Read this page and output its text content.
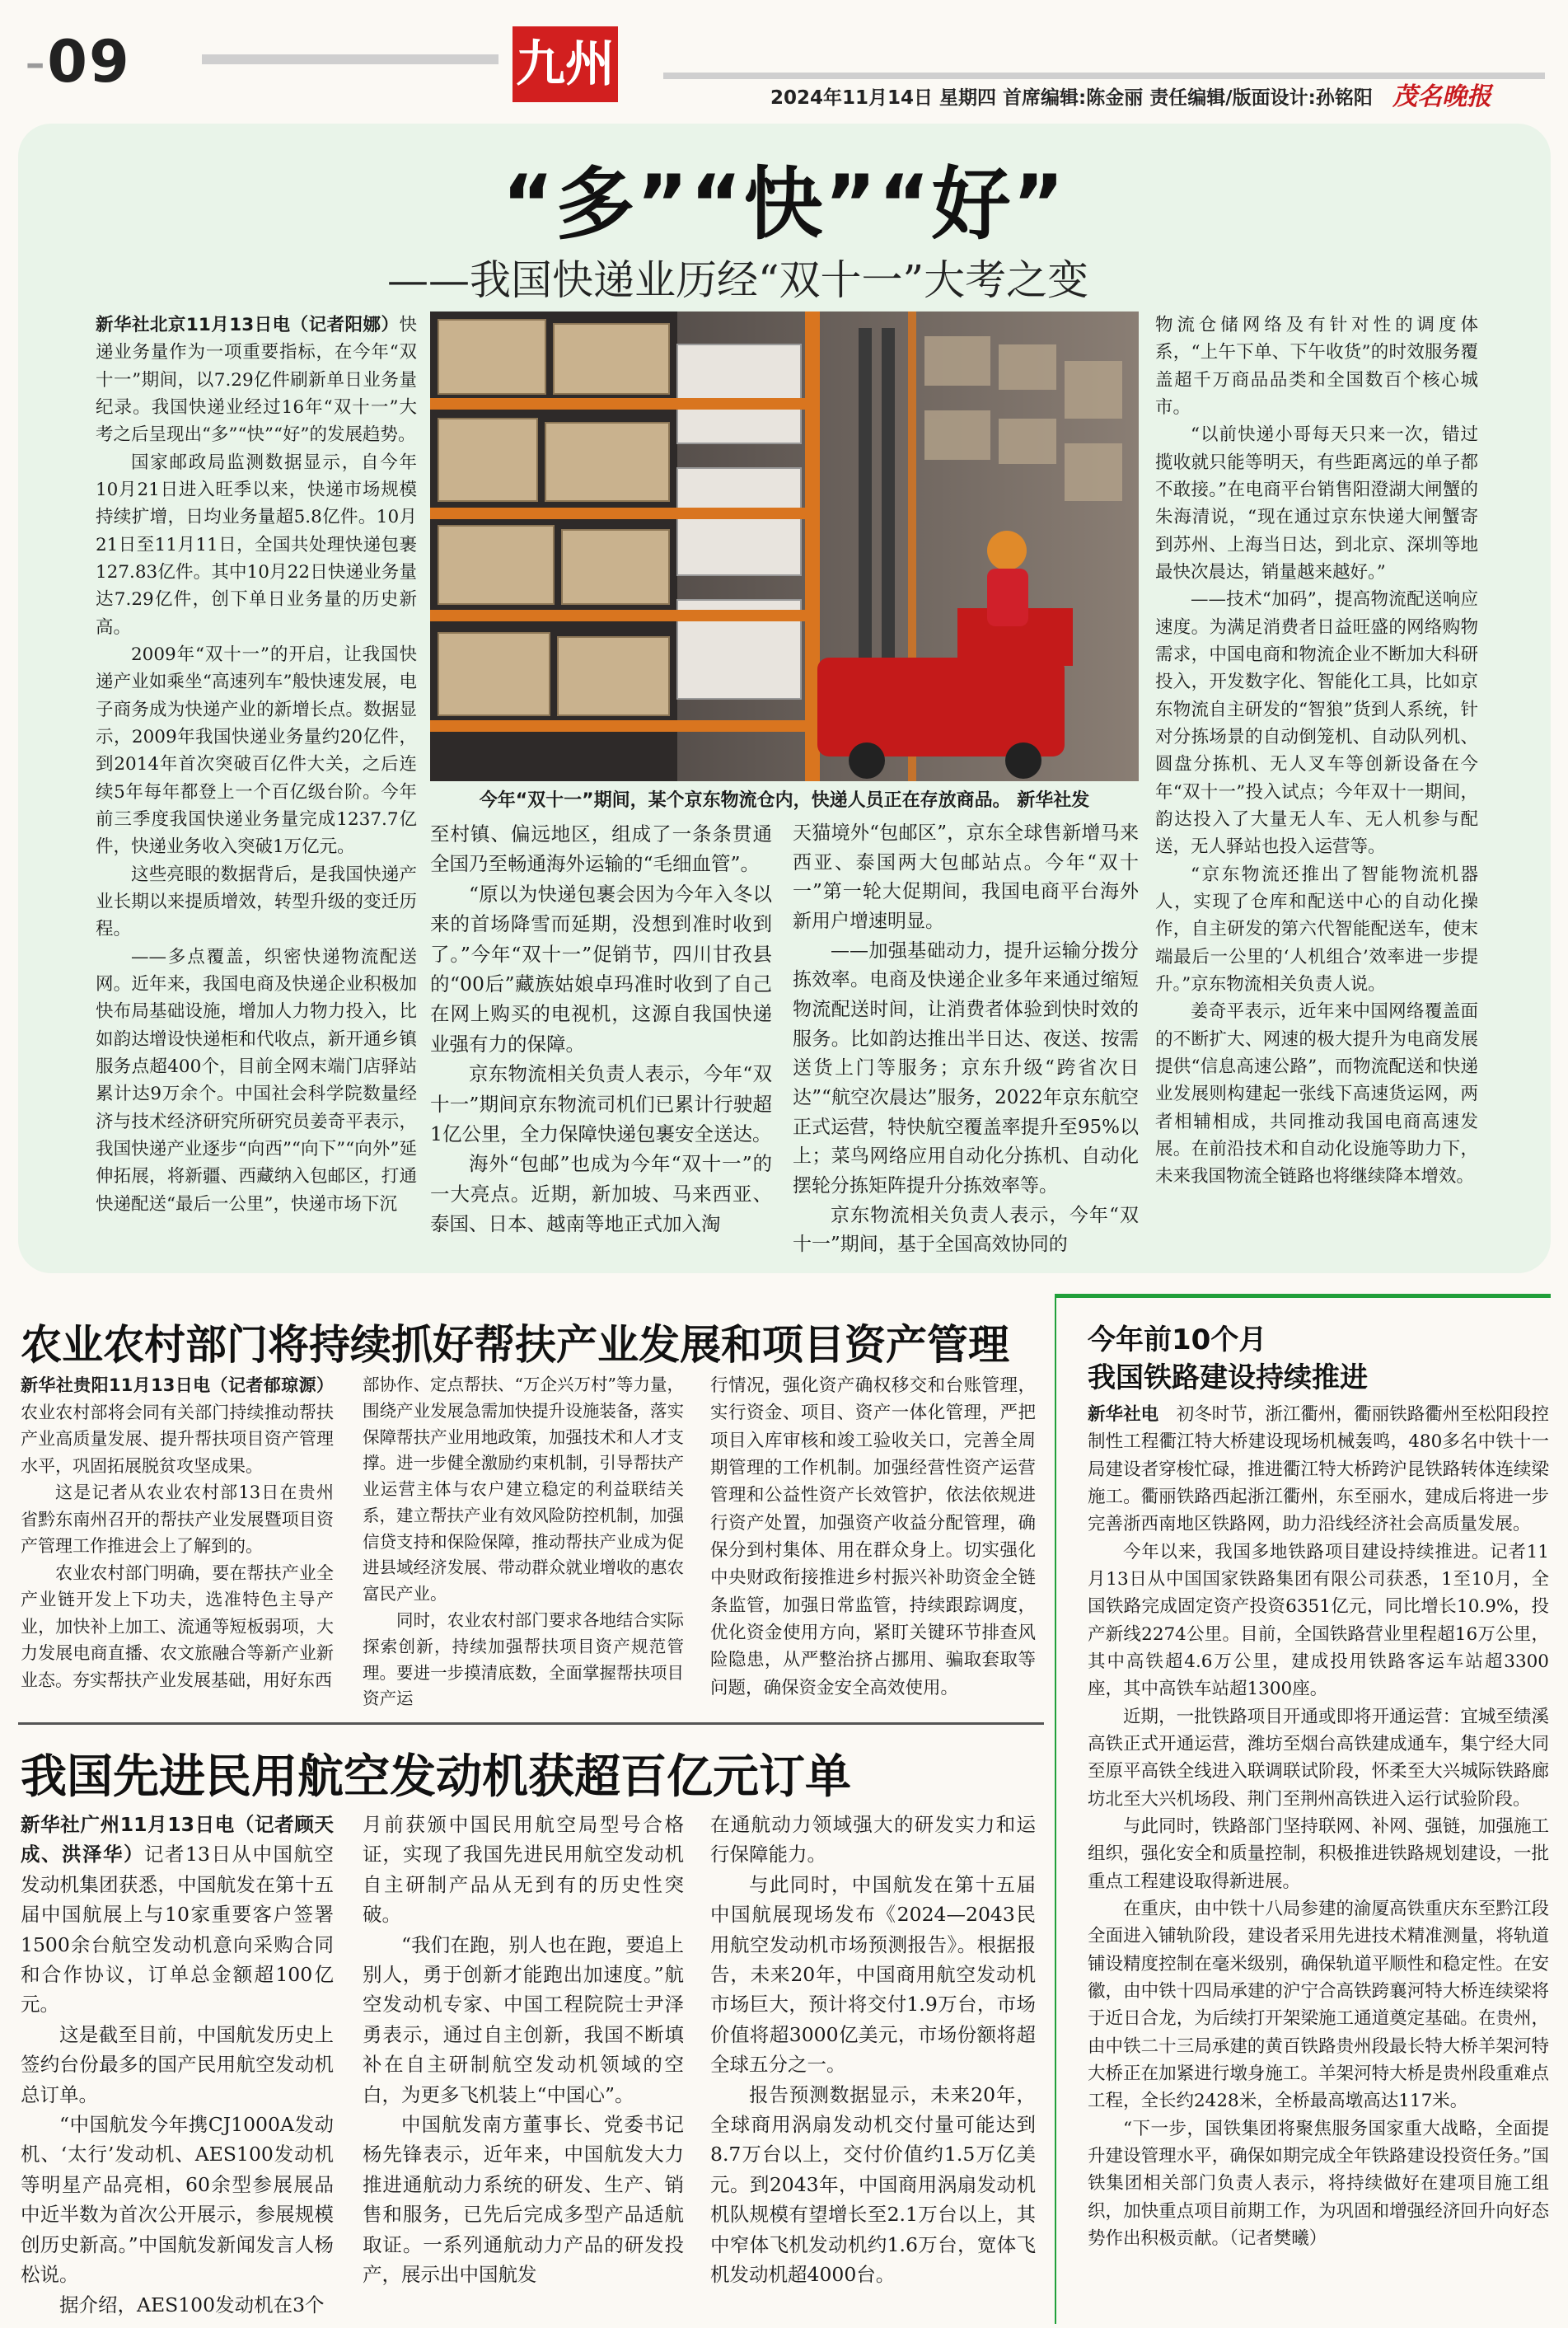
-09	九州
2024年11月14日 星期四 首席编辑:陈金丽 责任编辑/版面设计:孙铭阳 茂名晚报
“多”“快”“好”
——我国快递业历经“双十一”大考之变
今年“双十一”期间，某个京东物流仓内，快递人员正在存放商品。 新华社发

新华社北京11月13日电（记者阳娜）快递业务量作为一项重要指标，在今年“双十一”期间，以7.29亿件刷新单日业务量纪录。我国快递业经过16年“双十一”大考之后呈现出“多”“快”“好”的发展趋势。

国家邮政局监测数据显示，自今年10月21日进入旺季以来，快递市场规模持续扩增，日均业务量超5.8亿件。10月21日至11月11日，全国共处理快递包裹127.83亿件。其中10月22日快递业务量达7.29亿件，创下单日业务量的历史新高。

2009年“双十一”的开启，让我国快递产业如乘坐“高速列车”般快速发展，电子商务成为快递产业的新增长点。数据显示，2009年我国快递业务量约20亿件，到2014年首次突破百亿件大关，之后连续5年每年都登上一个百亿级台阶。今年前三季度我国快递业务量完成1237.7亿件，快递业务收入突破1万亿元。

这些亮眼的数据背后，是我国快递产业长期以来提质增效，转型升级的变迁历程。

——多点覆盖，织密快递物流配送网。近年来，我国电商及快递企业积极加快布局基础设施，增加人力物力投入，比如韵达增设快递柜和代收点，新开通乡镇服务点超400个，目前全网末端门店驿站累计达9万余个。中国社会科学院数量经济与技术经济研究所研究员姜奇平表示，我国快递产业逐步“向西”“向下”“向外”延伸拓展，将新疆、西藏纳入包邮区，打通快递配送“最后一公里”，快递市场下沉

至村镇、偏远地区，组成了一条条贯通全国乃至畅通海外运输的“毛细血管”。

“原以为快递包裹会因为今年入冬以来的首场降雪而延期，没想到准时收到了。”今年“双十一”促销节，四川甘孜县的“00后”藏族姑娘卓玛准时收到了自己在网上购买的电视机，这源自我国快递业强有力的保障。

京东物流相关负责人表示，今年“双十一”期间京东物流司机们已累计行驶超1亿公里，全力保障快递包裹安全送达。

海外“包邮”也成为今年“双十一”的一大亮点。近期，新加坡、马来西亚、泰国、日本、越南等地正式加入淘

天猫境外“包邮区”，京东全球售新增马来西亚、泰国两大包邮站点。今年“双十一”第一轮大促期间，我国电商平台海外新用户增速明显。

——加强基础动力，提升运输分拨分拣效率。电商及快递企业多年来通过缩短物流配送时间，让消费者体验到快时效的服务。比如韵达推出半日达、夜送、按需送货上门等服务；京东升级“跨省次日达”“航空次晨达”服务，2022年京东航空正式运营，特快航空覆盖率提升至95%以上；菜鸟网络应用自动化分拣机、自动化摆轮分拣矩阵提升分拣效率等。

京东物流相关负责人表示，今年“双十一”期间，基于全国高效协同的

物流仓储网络及有针对性的调度体系，“上午下单、下午收货”的时效服务覆盖超千万商品品类和全国数百个核心城市。

“以前快递小哥每天只来一次，错过揽收就只能等明天，有些距离远的单子都不敢接。”在电商平台销售阳澄湖大闸蟹的朱海清说，“现在通过京东快递大闸蟹寄到苏州、上海当日达，到北京、深圳等地最快次晨达，销量越来越好。”

——技术“加码”，提高物流配送响应速度。为满足消费者日益旺盛的网络购物需求，中国电商和物流企业不断加大科研投入，开发数字化、智能化工具，比如京东物流自主研发的“智狼”货到人系统，针对分拣场景的自动倒笼机、自动队列机、圆盘分拣机、无人叉车等创新设备在今年“双十一”投入试点；今年双十一期间，韵达投入了大量无人车、无人机参与配送，无人驿站也投入运营等。

“京东物流还推出了智能物流机器人，实现了仓库和配送中心的自动化操作，自主研发的第六代智能配送车，使末端最后一公里的‘人机组合’效率进一步提升。”京东物流相关负责人说。

姜奇平表示，近年来中国网络覆盖面的不断扩大、网速的极大提升为电商发展提供“信息高速公路”，而物流配送和快递业发展则构建起一张线下高速货运网，两者相辅相成，共同推动我国电商高速发展。在前沿技术和自动化设施等助力下，未来我国物流全链路也将继续降本增效。

农业农村部门将持续抓好帮扶产业发展和项目资产管理

新华社贵阳11月13日电（记者郁琼源）农业农村部将会同有关部门持续推动帮扶产业高质量发展、提升帮扶项目资产管理水平，巩固拓展脱贫攻坚成果。

这是记者从农业农村部13日在贵州省黔东南州召开的帮扶产业发展暨项目资产管理工作推进会上了解到的。

农业农村部门明确，要在帮扶产业全产业链开发上下功夫，选准特色主导产业，加快补上加工、流通等短板弱项，大力发展电商直播、农文旅融合等新产业新业态。夯实帮扶产业发展基础，用好东西

部协作、定点帮扶、“万企兴万村”等力量，围绕产业发展急需加快提升设施装备，落实保障帮扶产业用地政策，加强技术和人才支撑。进一步健全激励约束机制，引导帮扶产业运营主体与农户建立稳定的利益联结关系，建立帮扶产业有效风险防控机制，加强信贷支持和保险保障，推动帮扶产业成为促进县域经济发展、带动群众就业增收的惠农富民产业。

同时，农业农村部门要求各地结合实际探索创新，持续加强帮扶项目资产规范管理。要进一步摸清底数，全面掌握帮扶项目资产运

行情况，强化资产确权移交和台账管理，实行资金、项目、资产一体化管理，严把项目入库审核和竣工验收关口，完善全周期管理的工作机制。加强经营性资产运营管理和公益性资产长效管护，依法依规进行资产处置，加强资产收益分配管理，确保分到村集体、用在群众身上。切实强化中央财政衔接推进乡村振兴补助资金全链条监管，加强日常监管，持续跟踪调度，优化资金使用方向，紧盯关键环节排查风险隐患，从严整治挤占挪用、骗取套取等问题，确保资金安全高效使用。

我国先进民用航空发动机获超百亿元订单

新华社广州11月13日电（记者顾天成、洪泽华）记者13日从中国航空发动机集团获悉，中国航发在第十五届中国航展上与10家重要客户签署1500余台航空发动机意向采购合同和合作协议，订单总金额超100亿元。

这是截至目前，中国航发历史上签约台份最多的国产民用航空发动机总订单。

“中国航发今年携CJ1000A发动机、‘太行’发动机、AES100发动机等明星产品亮相，60余型参展展品中近半数为首次公开展示，参展规模创历史新高。”中国航发新闻发言人杨松说。

据介绍，AES100发动机在3个

月前获颁中国民用航空局型号合格证，实现了我国先进民用航空发动机自主研制产品从无到有的历史性突破。

“我们在跑，别人也在跑，要追上别人，勇于创新才能跑出加速度。”航空发动机专家、中国工程院院士尹泽勇表示，通过自主创新，我国不断填补在自主研制航空发动机领域的空白，为更多飞机装上“中国心”。

中国航发南方董事长、党委书记杨先锋表示，近年来，中国航发大力推进通航动力系统的研发、生产、销售和服务，已先后完成多型产品适航取证。一系列通航动力产品的研发投产，展示出中国航发

在通航动力领域强大的研发实力和运行保障能力。

与此同时，中国航发在第十五届中国航展现场发布《2024—2043民用航空发动机市场预测报告》。根据报告，未来20年，中国商用航空发动机市场巨大，预计将交付1.9万台，市场价值将超3000亿美元，市场份额将超全球五分之一。

报告预测数据显示，未来20年，全球商用涡扇发动机交付量可能达到8.7万台以上，交付价值约1.5万亿美元。到2043年，中国商用涡扇发动机机队规模有望增长至2.1万台以上，其中窄体飞机发动机约1.6万台，宽体飞机发动机超4000台。

今年前10个月
我国铁路建设持续推进

新华社电  初冬时节，浙江衢州，衢丽铁路衢州至松阳段控制性工程衢江特大桥建设现场机械轰鸣，480多名中铁十一局建设者穿梭忙碌，推进衢江特大桥跨沪昆铁路转体连续梁施工。衢丽铁路西起浙江衢州，东至丽水，建成后将进一步完善浙西南地区铁路网，助力沿线经济社会高质量发展。

今年以来，我国多地铁路项目建设持续推进。记者11月13日从中国国家铁路集团有限公司获悉，1至10月，全国铁路完成固定资产投资6351亿元，同比增长10.9%，投产新线2274公里。目前，全国铁路营业里程超16万公里，其中高铁超4.6万公里，建成投用铁路客运车站超3300座，其中高铁车站超1300座。

近期，一批铁路项目开通或即将开通运营：宜城至绩溪高铁正式开通运营，潍坊至烟台高铁建成通车，集宁经大同至原平高铁全线进入联调联试阶段，怀柔至大兴城际铁路廊坊北至大兴机场段、荆门至荆州高铁进入运行试验阶段。

与此同时，铁路部门坚持联网、补网、强链，加强施工组织，强化安全和质量控制，积极推进铁路规划建设，一批重点工程建设取得新进展。

在重庆，由中铁十八局参建的渝厦高铁重庆东至黔江段全面进入铺轨阶段，建设者采用先进技术精准测量，将轨道铺设精度控制在毫米级别，确保轨道平顺性和稳定性。在安徽，由中铁十四局承建的沪宁合高铁跨襄河特大桥连续梁将于近日合龙，为后续打开架梁施工通道奠定基础。在贵州，由中铁二十三局承建的黄百铁路贵州段最长特大桥羊架河特大桥正在加紧进行墩身施工。羊架河特大桥是贵州段重难点工程，全长约2428米，全桥最高墩高达117米。

“下一步，国铁集团将聚焦服务国家重大战略，全面提升建设管理水平，确保如期完成全年铁路建设投资任务。”国铁集团相关部门负责人表示，将持续做好在建项目施工组织，加快重点项目前期工作，为巩固和增强经济回升向好态势作出积极贡献。（记者樊曦）
